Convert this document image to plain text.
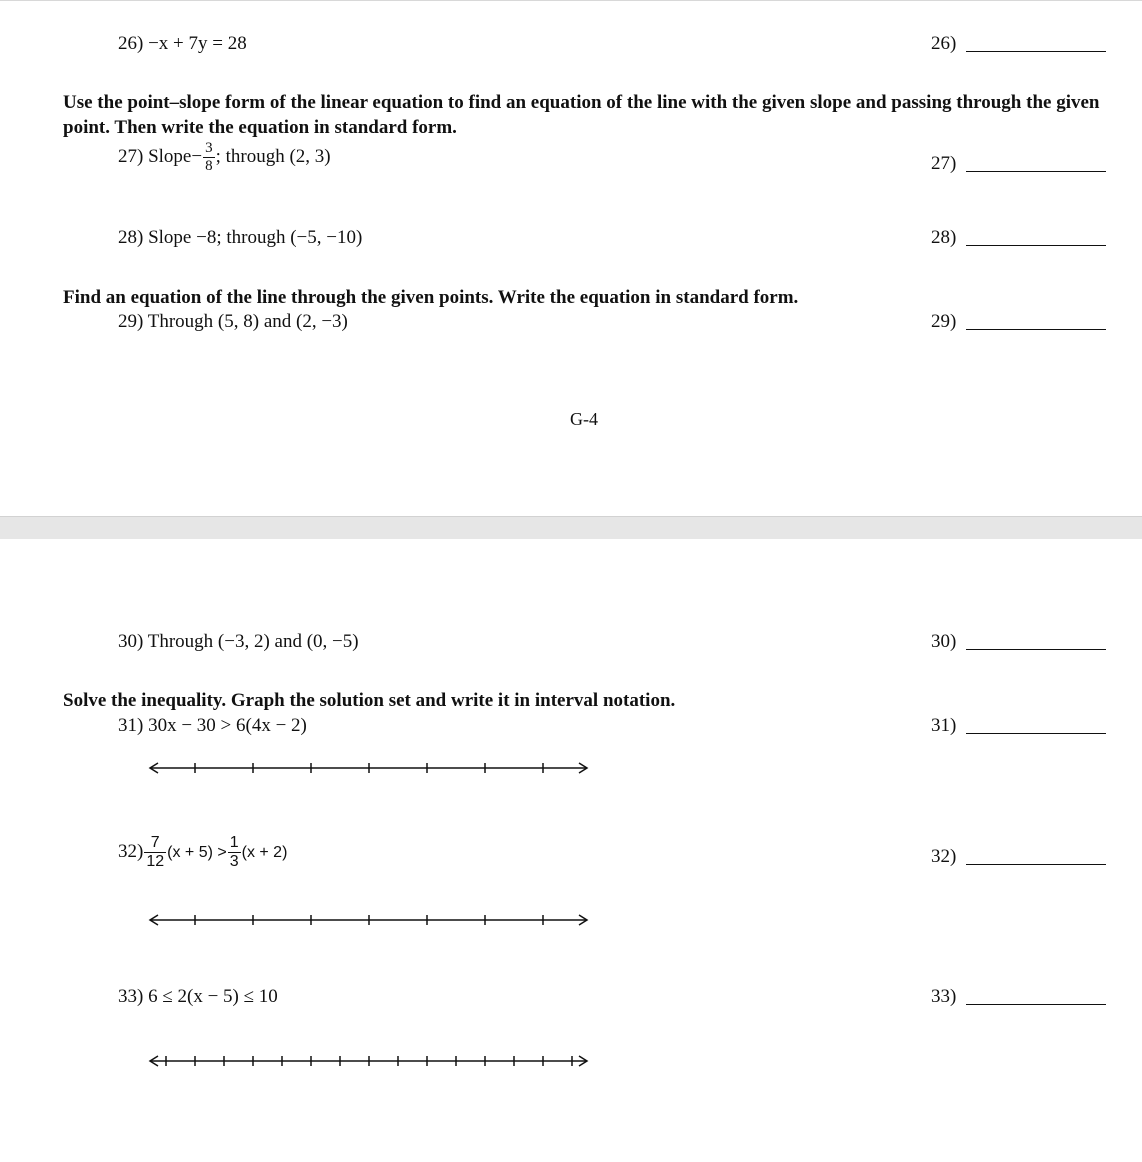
26) −x + 7y = 28	26)
Use the point–slope form of the linear equation to find an equation of the line with the given slope and passing through the given point. Then write the equation in standard form.
27) Slope− $\frac{3}{8}$ ; through (2, 3)	27)
28) Slope −8; through (−5, −10)	28)
Find an equation of the line through the given points. Write the equation in standard form.
29) Through (5, 8) and (2, −3)	29)
G-4
30) Through (−3, 2) and (0, −5)	30)
Solve the inequality. Graph the solution set and write it in interval notation.
31) 30x − 30 > 6(4x − 2)	31)
$32) \frac{7}{12} (x + 5) > \frac{1}{3} (x + 2)$	32)
33) 6 ≤ 2(x − 5) ≤ 10	33)
